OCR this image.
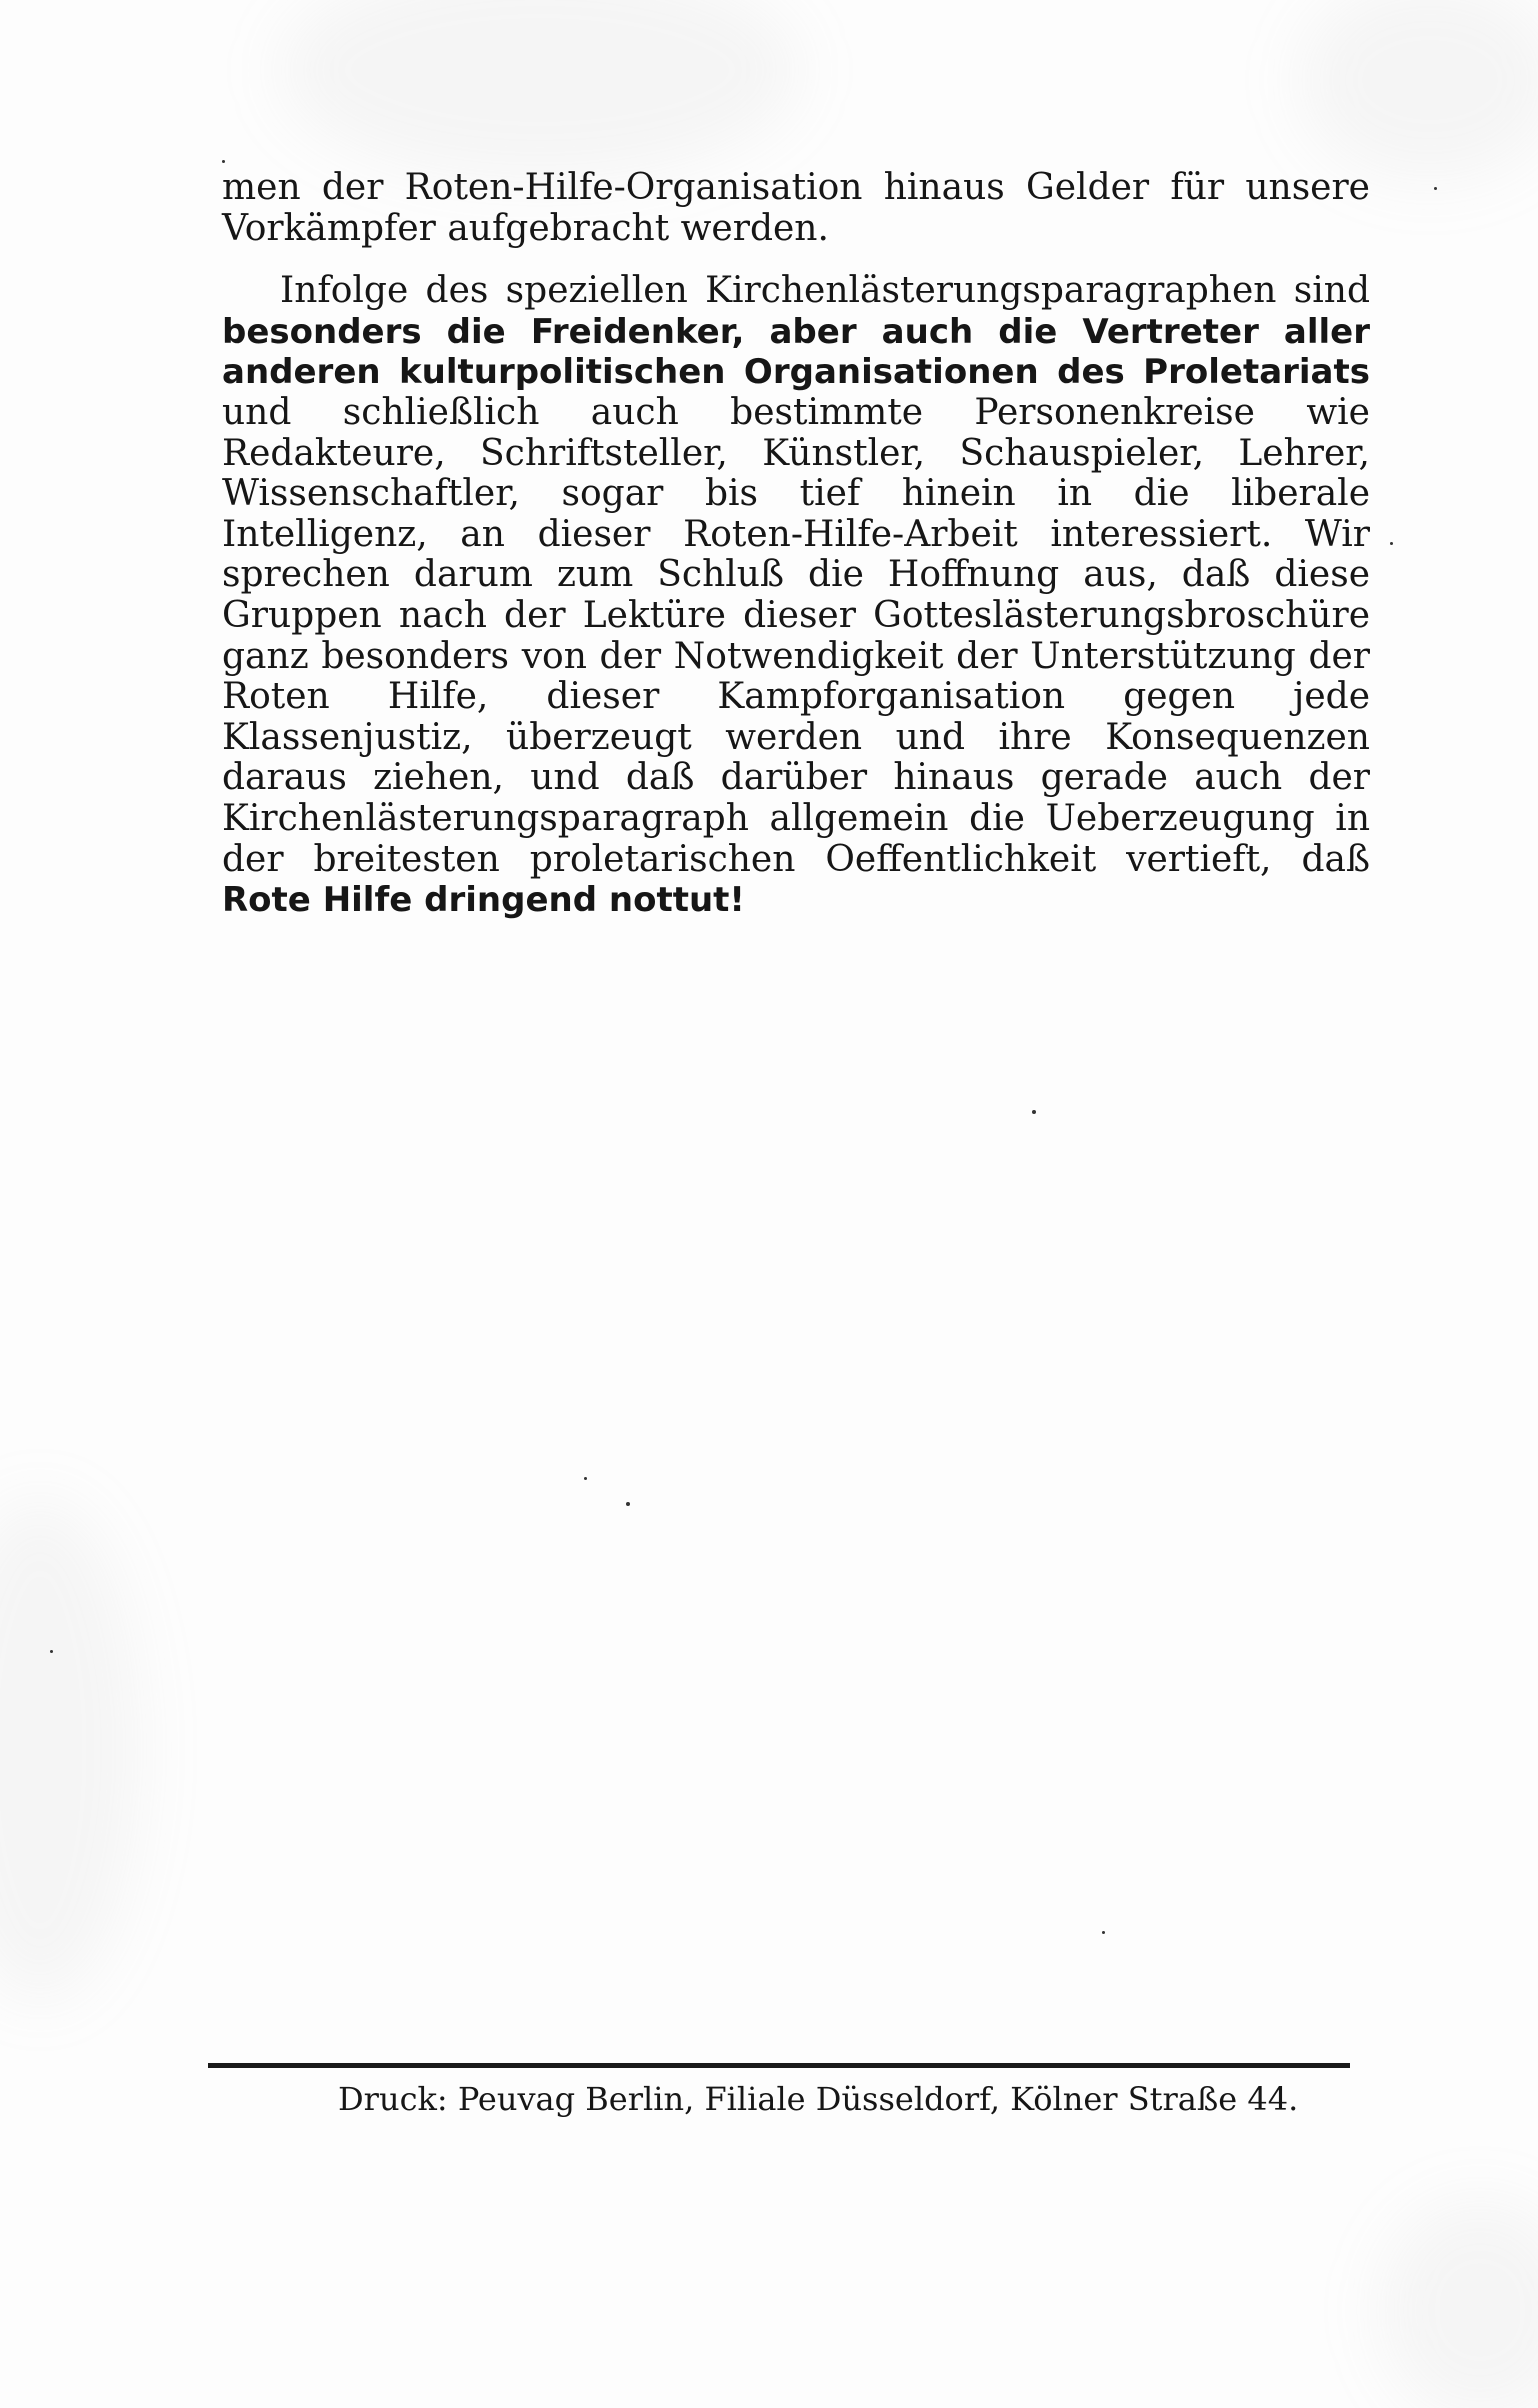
men der Roten-Hilfe-Organisation hinaus Gelder für unsere Vorkämpfer aufgebracht werden.

Infolge des speziellen Kirchenlästerungsparagraphen sind besonders die Freidenker, aber auch die Vertreter aller anderen kulturpolitischen Organisationen des Proletariats und schließlich auch bestimmte Personenkreise wie Redakteure, Schriftsteller, Künstler, Schauspieler, Lehrer, Wissenschaftler, sogar bis tief hinein in die liberale Intelligenz, an dieser Roten-Hilfe-Arbeit interessiert. Wir sprechen darum zum Schluß die Hoffnung aus, daß diese Gruppen nach der Lektüre dieser Gotteslästerungsbroschüre ganz besonders von der Notwendigkeit der Unterstützung der Roten Hilfe, dieser Kampforganisation gegen jede Klassenjustiz, überzeugt werden und ihre Konsequenzen daraus ziehen, und daß darüber hinaus gerade auch der Kirchenlästerungsparagraph allgemein die Ueberzeugung in der breitesten proletarischen Oeffentlichkeit vertieft, daß Rote Hilfe dringend nottut!

Druck: Peuvag Berlin, Filiale Düsseldorf, Kölner Straße 44.
